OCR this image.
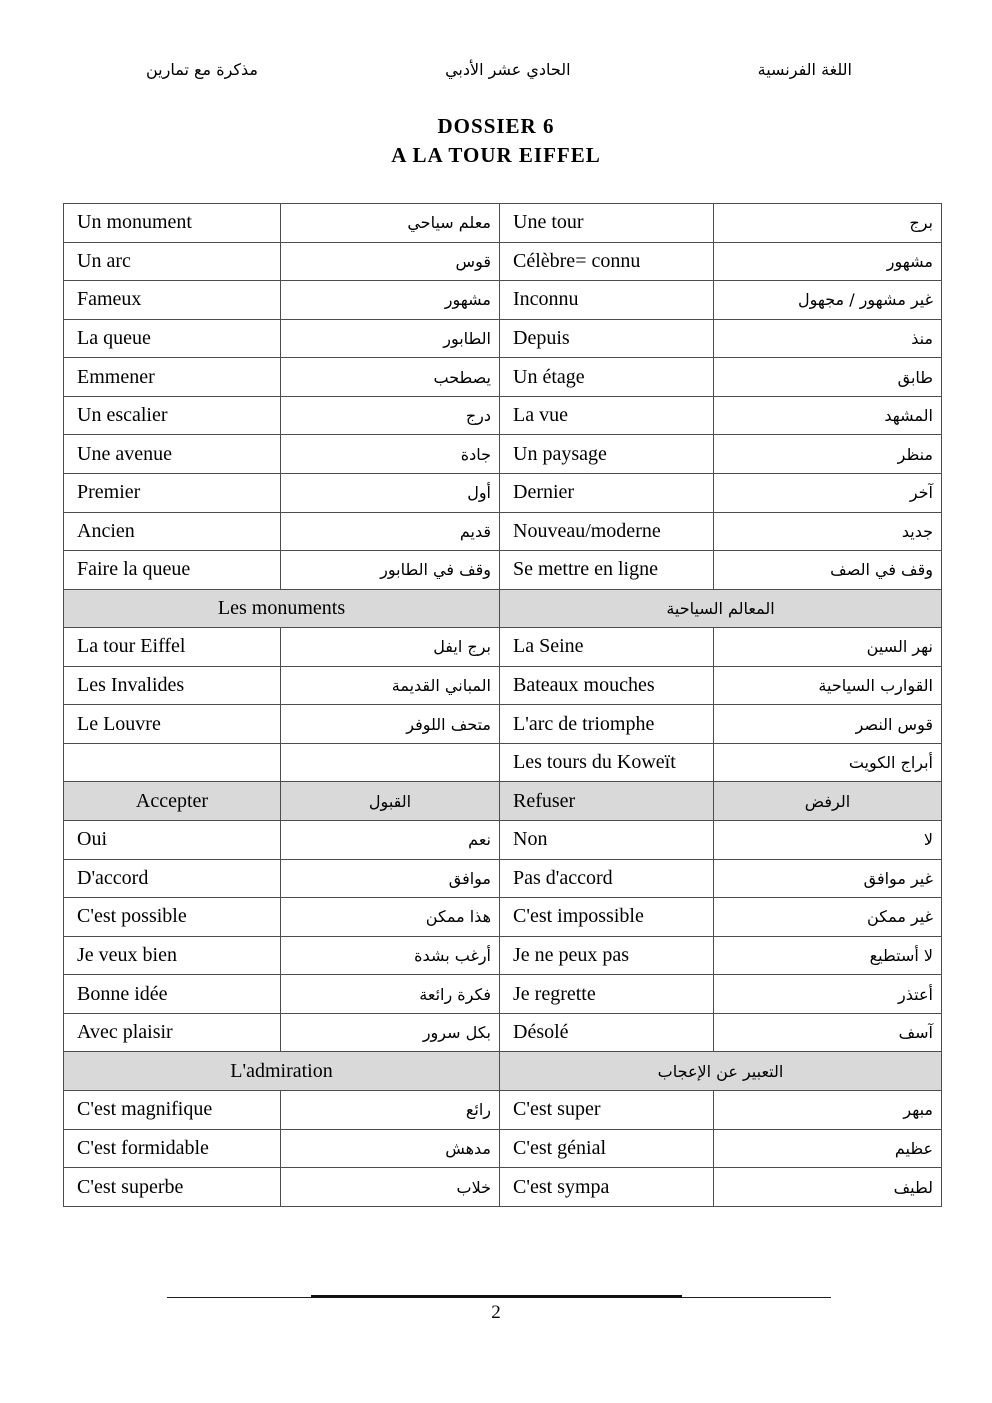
مذكرة مع تمارين	الحادي عشر الأدبي	اللغة الفرنسية
DOSSIER 6
A LA TOUR EIFFEL
Un monument	معلم سياحي	Une tour	برج
Un arc	قوس	Célèbre= connu	مشهور
Fameux	مشهور	Inconnu	غير مشهور / مجهول
La queue	الطابور	Depuis	منذ
Emmener	يصطحب	Un étage	طابق
Un escalier	درج	La vue	المشهد
Une avenue	جادة	Un paysage	منظر
Premier	أول	Dernier	آخر
Ancien	قديم	Nouveau/moderne	جديد
Faire la queue	وقف في الطابور	Se mettre en ligne	وقف في الصف
Les monuments		المعالم السياحية	
La tour Eiffel	برج ايفل	La Seine	نهر السين
Les Invalides	المباني القديمة	Bateaux mouches	القوارب السياحية
Le Louvre	متحف اللوفر	L'arc de triomphe	قوس النصر
		Les tours du Koweït	أبراج الكويت
Accepter	القبول	Refuser	الرفض
Oui	نعم	Non	لا
D'accord	موافق	Pas d'accord	غير موافق
C'est possible	هذا ممكن	C'est impossible	غير ممكن
Je veux bien	أرغب بشدة	Je ne peux pas	لا أستطيع
Bonne idée	فكرة رائعة	Je regrette	أعتذر
Avec plaisir	بكل سرور	Désolé	آسف
L'admiration		التعبير عن الإعجاب	
C'est magnifique	رائع	C'est super	مبهر
C'est formidable	مدهش	C'est génial	عظيم
C'est superbe	خلاب	C'est sympa	لطيف
2
